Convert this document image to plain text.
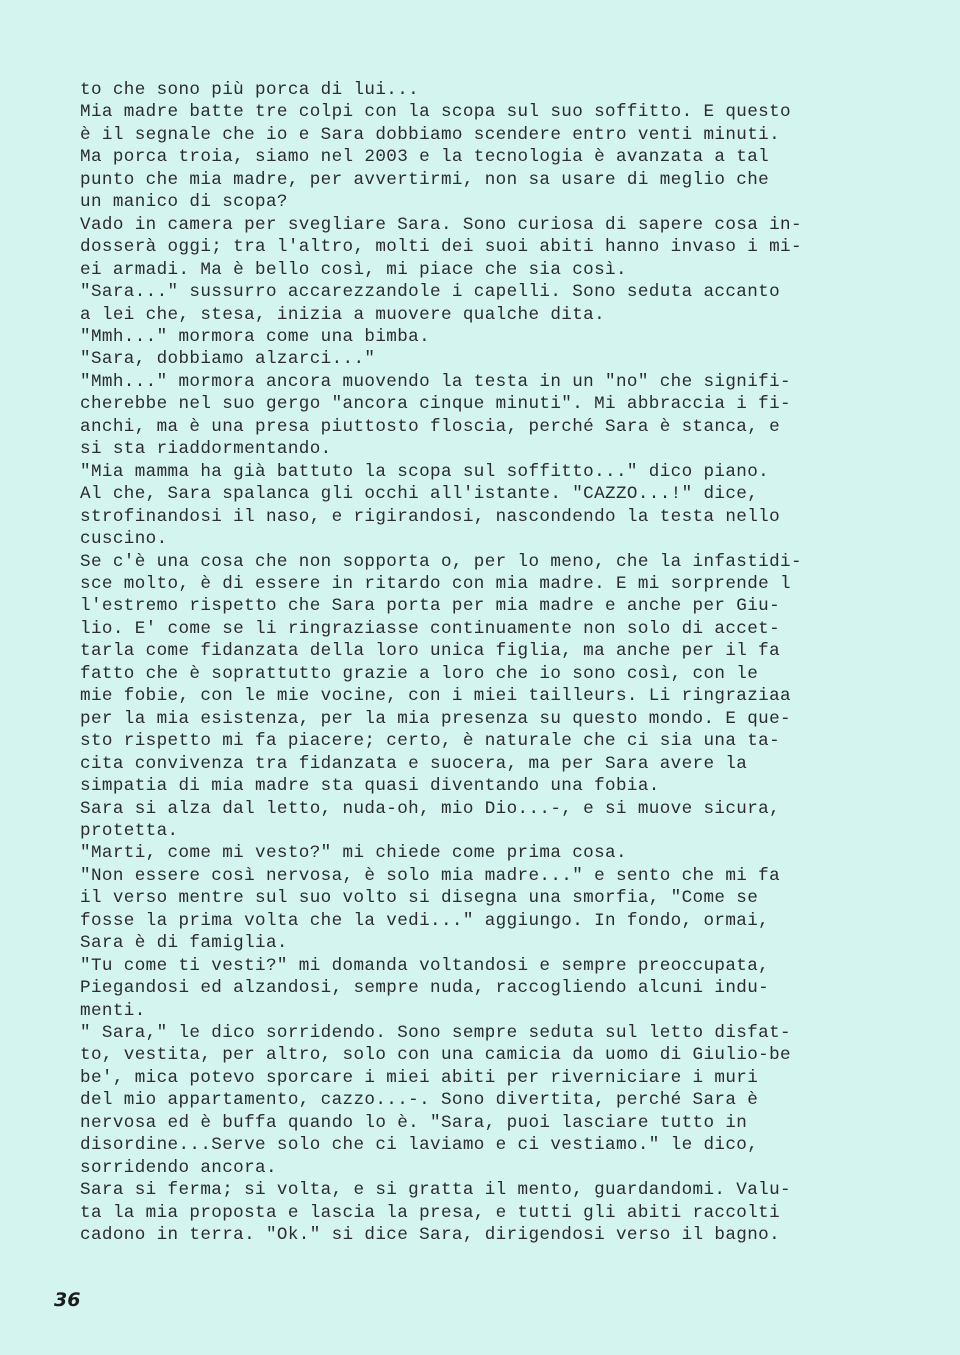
to che sono più porca di lui...
Mia madre batte tre colpi con la scopa sul suo soffitto. E questo
è il segnale che io e Sara dobbiamo scendere entro venti minuti.
Ma porca troia, siamo nel 2003 e la tecnologia è avanzata a tal
punto che mia madre, per avvertirmi, non sa usare di meglio che
un manico di scopa?
Vado in camera per svegliare Sara. Sono curiosa di sapere cosa in-
dosserà oggi; tra l'altro, molti dei suoi abiti hanno invaso i mi-
ei armadi. Ma è bello così, mi piace che sia così.
"Sara..." sussurro accarezzandole i capelli. Sono seduta accanto
a lei che, stesa, inizia a muovere qualche dita.
"Mmh..." mormora come una bimba.
"Sara, dobbiamo alzarci..."
"Mmh..." mormora ancora muovendo la testa in un "no" che signifi-
cherebbe nel suo gergo "ancora cinque minuti". Mi abbraccia i fi-
anchi, ma è una presa piuttosto floscia, perché Sara è stanca, e
si sta riaddormentando.
"Mia mamma ha già battuto la scopa sul soffitto..." dico piano.
Al che, Sara spalanca gli occhi all'istante. "CAZZO...!" dice,
strofinandosi il naso, e rigirandosi, nascondendo la testa nello
cuscino.
Se c'è una cosa che non sopporta o, per lo meno, che la infastidi-
sce molto, è di essere in ritardo con mia madre. E mi sorprende l
l'estremo rispetto che Sara porta per mia madre e anche per Giu-
lio. E' come se li ringraziasse continuamente non solo di accet-
tarla come fidanzata della loro unica figlia, ma anche per il fa
fatto che è soprattutto grazie a loro che io sono così, con le
mie fobie, con le mie vocine, con i miei tailleurs. Li ringraziaa
per la mia esistenza, per la mia presenza su questo mondo. E que-
sto rispetto mi fa piacere; certo, è naturale che ci sia una ta-
cita convivenza tra fidanzata e suocera, ma per Sara avere la
simpatia di mia madre sta quasi diventando una fobia.
Sara si alza dal letto, nuda-oh, mio Dio...-, e si muove sicura,
protetta.
"Marti, come mi vesto?" mi chiede come prima cosa.
"Non essere così nervosa, è solo mia madre..." e sento che mi fa
il verso mentre sul suo volto si disegna una smorfia, "Come se
fosse la prima volta che la vedi..." aggiungo. In fondo, ormai,
Sara è di famiglia.
"Tu come ti vesti?" mi domanda voltandosi e sempre preoccupata,
Piegandosi ed alzandosi, sempre nuda, raccogliendo alcuni indu-
menti.
" Sara," le dico sorridendo. Sono sempre seduta sul letto disfat-
to, vestita, per altro, solo con una camicia da uomo di Giulio-be
be', mica potevo sporcare i miei abiti per riverniciare i muri
del mio appartamento, cazzo...-. Sono divertita, perché Sara è
nervosa ed è buffa quando lo è. "Sara, puoi lasciare tutto in
disordine...Serve solo che ci laviamo e ci vestiamo." le dico,
sorridendo ancora.
Sara si ferma; si volta, e si gratta il mento, guardandomi. Valu-
ta la mia proposta e lascia la presa, e tutti gli abiti raccolti
cadono in terra. "Ok." si dice Sara, dirigendosi verso il bagno.
36
